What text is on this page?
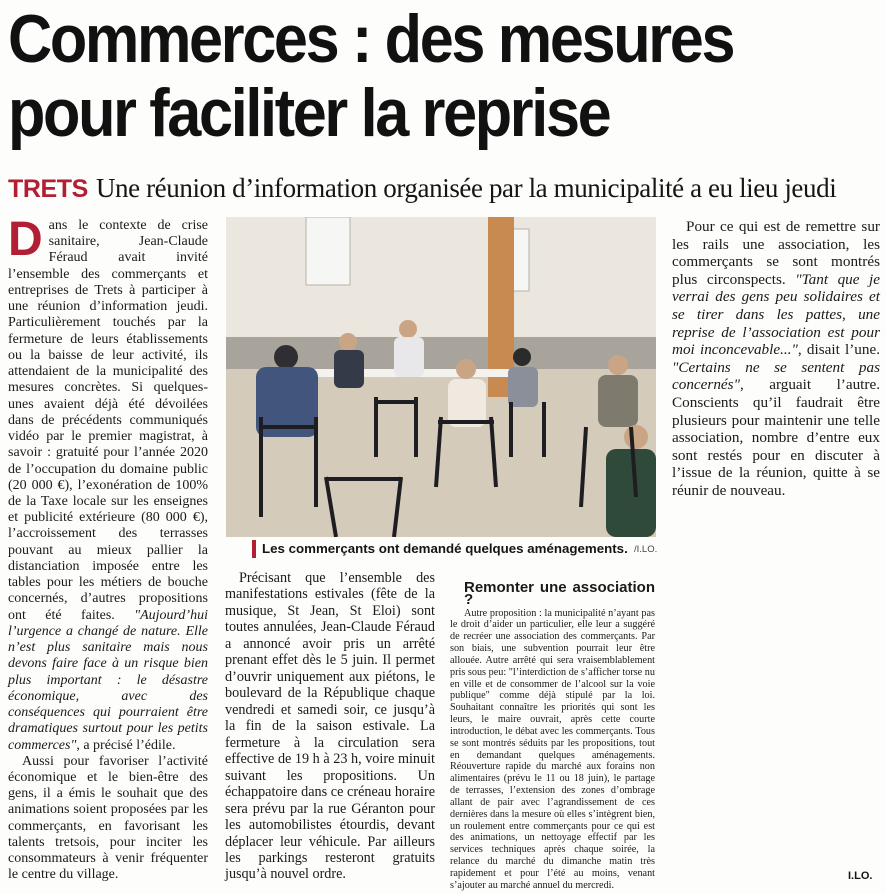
Commerces : des mesures
pour faciliter la reprise
TRETS Une réunion d’information organisée par la municipalité a eu lieu jeudi

Dans le contexte de crise sanitaire, Jean-Claude Féraud avait invité l’ensemble des commerçants et entreprises de Trets à participer à une réunion d’information jeudi. Particulièrement touchés par la fermeture de leurs établissements ou la baisse de leur activité, ils attendaient de la municipalité des mesures concrètes. Si quelques-unes avaient déjà été dévoilées dans de précédents communiqués vidéo par le premier magistrat, à savoir : gratuité pour l’année 2020 de l’occupation du domaine public (20 000 €), l’exonération de 100% de la Taxe locale sur les enseignes et publicité extérieure (80 000 €), l’accroissement des terrasses pouvant au mieux pallier la distanciation imposée entre les tables pour les métiers de bouche concernés, d’autres propositions ont été faites. "Aujourd’hui l’urgence a changé de nature. Elle n’est plus sanitaire mais nous devons faire face à un risque bien plus important : le désastre économique, avec des conséquences qui pourraient être dramatiques surtout pour les petits commerces", a précisé l’édile.

Aussi pour favoriser l’activité économique et le bien-être des gens, il a émis le souhait que des animations soient proposées par les commerçants, en favorisant les talents tretsois, pour inciter les consommateurs à venir fréquenter le centre du village.

Les commerçants ont demandé quelques aménagements. /I.LO.

Précisant que l’ensemble des manifestations estivales (fête de la musique, St Jean, St Eloi) sont toutes annulées, Jean-Claude Féraud a annoncé avoir pris un arrêté prenant effet dès le 5 juin. Il permet d’ouvrir uniquement aux piétons, le boulevard de la République chaque vendredi et samedi soir, ce jusqu’à la fin de la saison estivale. La fermeture à la circulation sera effective de 19 h à 23 h, voire minuit suivant les propositions. Un échappatoire dans ce créneau horaire sera prévu par la rue Géranton pour les automobilistes étourdis, devant déplacer leur véhicule. Par ailleurs les parkings resteront gratuits jusqu’à nouvel ordre.

Remonter une association ?

Autre proposition : la municipalité n’ayant pas le droit d’aider un particulier, elle leur a suggéré de recréer une association des commerçants. Par son biais, une subvention pourrait leur être allouée. Autre arrêté qui sera vraisemblablement pris sous peu: "l’interdiction de s’afficher torse nu en ville et de consommer de l’alcool sur la voie publique" comme déjà stipulé par la loi. Souhaitant connaître les priorités qui sont les leurs, le maire ouvrait, après cette courte introduction, le débat avec les commerçants. Tous se sont montrés séduits par les propositions, tout en demandant quelques aménagements. Réouverture rapide du marché aux forains non alimentaires (prévu le 11 ou 18 juin), le partage de terrasses, l’extension des zones d’ombrage allant de pair avec l’agrandissement de ces dernières dans la mesure où elles s’intègrent bien, un roulement entre commerçants pour ce qui est des animations, un nettoyage effectif par les services techniques après chaque soirée, la relance du marché du dimanche matin très rapidement et pour l’été au moins, venant s’ajouter au marché annuel du mercredi.

Pour ce qui est de remettre sur les rails une association, les commerçants se sont montrés plus circonspects. "Tant que je verrai des gens peu solidaires et se tirer dans les pattes, une reprise de l’association est pour moi inconcevable...", disait l’une. "Certains ne se sentent pas concernés", arguait l’autre. Conscients qu’il faudrait être plusieurs pour maintenir une telle association, nombre d’entre eux sont restés pour en discuter à l’issue de la réunion, quitte à se réunir de nouveau.

I.LO.
